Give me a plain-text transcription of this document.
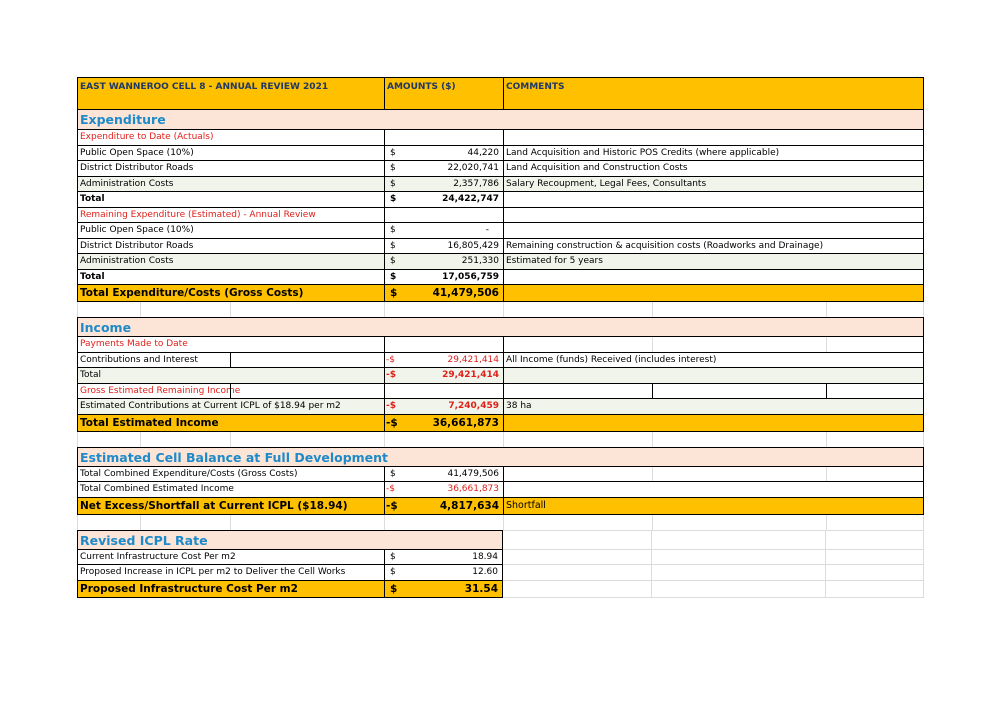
EAST WANNEROO CELL 8 - ANNUAL REVIEW 2021	AMOUNTS ($)	COMMENTS
Expenditure
Expenditure to Date (Actuals)
Public Open Space (10%)	$	44,220 Land Acquisition and Historic POS Credits (where applicable)
District Distributor Roads	$	22,020,741 Land Acquisition and Construction Costs
Administration Costs	$	2,357,786 Salary Recoupment, Legal Fees, Consultants
Total	$	24,422,747
Remaining Expenditure (Estimated) - Annual Review
Public Open Space (10%)	$	-
District Distributor Roads	$	16,805,429 Remaining construction & acquisition costs (Roadworks and Drainage)
Administration Costs	$	251,330 Estimated for 5 years
Total	$	17,056,759
Total Expenditure/Costs (Gross Costs)	$	41,479,506
Income
Payments Made to Date
Contributions and Interest	-$	29,421,414 All Income (funds) Received (includes interest)
Total	-$	29,421,414
Gross Estimated Remaining Income
Estimated Contributions at Current ICPL of $18.94 per m2	-$	7,240,459 38 ha
Total Estimated Income	-$	36,661,873
Estimated Cell Balance at Full Development
Total Combined Expenditure/Costs (Gross Costs)	$	41,479,506
Total Combined Estimated Income	-$	36,661,873
Net Excess/Shortfall at Current ICPL ($18.94)	-$	4,817,634 Shortfall
Revised ICPL Rate
Current Infrastructure Cost Per m2	$	18.94
Proposed Increase in ICPL per m2 to Deliver the Cell Works	$	12.60
Proposed Infrastructure Cost Per m2	$	31.54
